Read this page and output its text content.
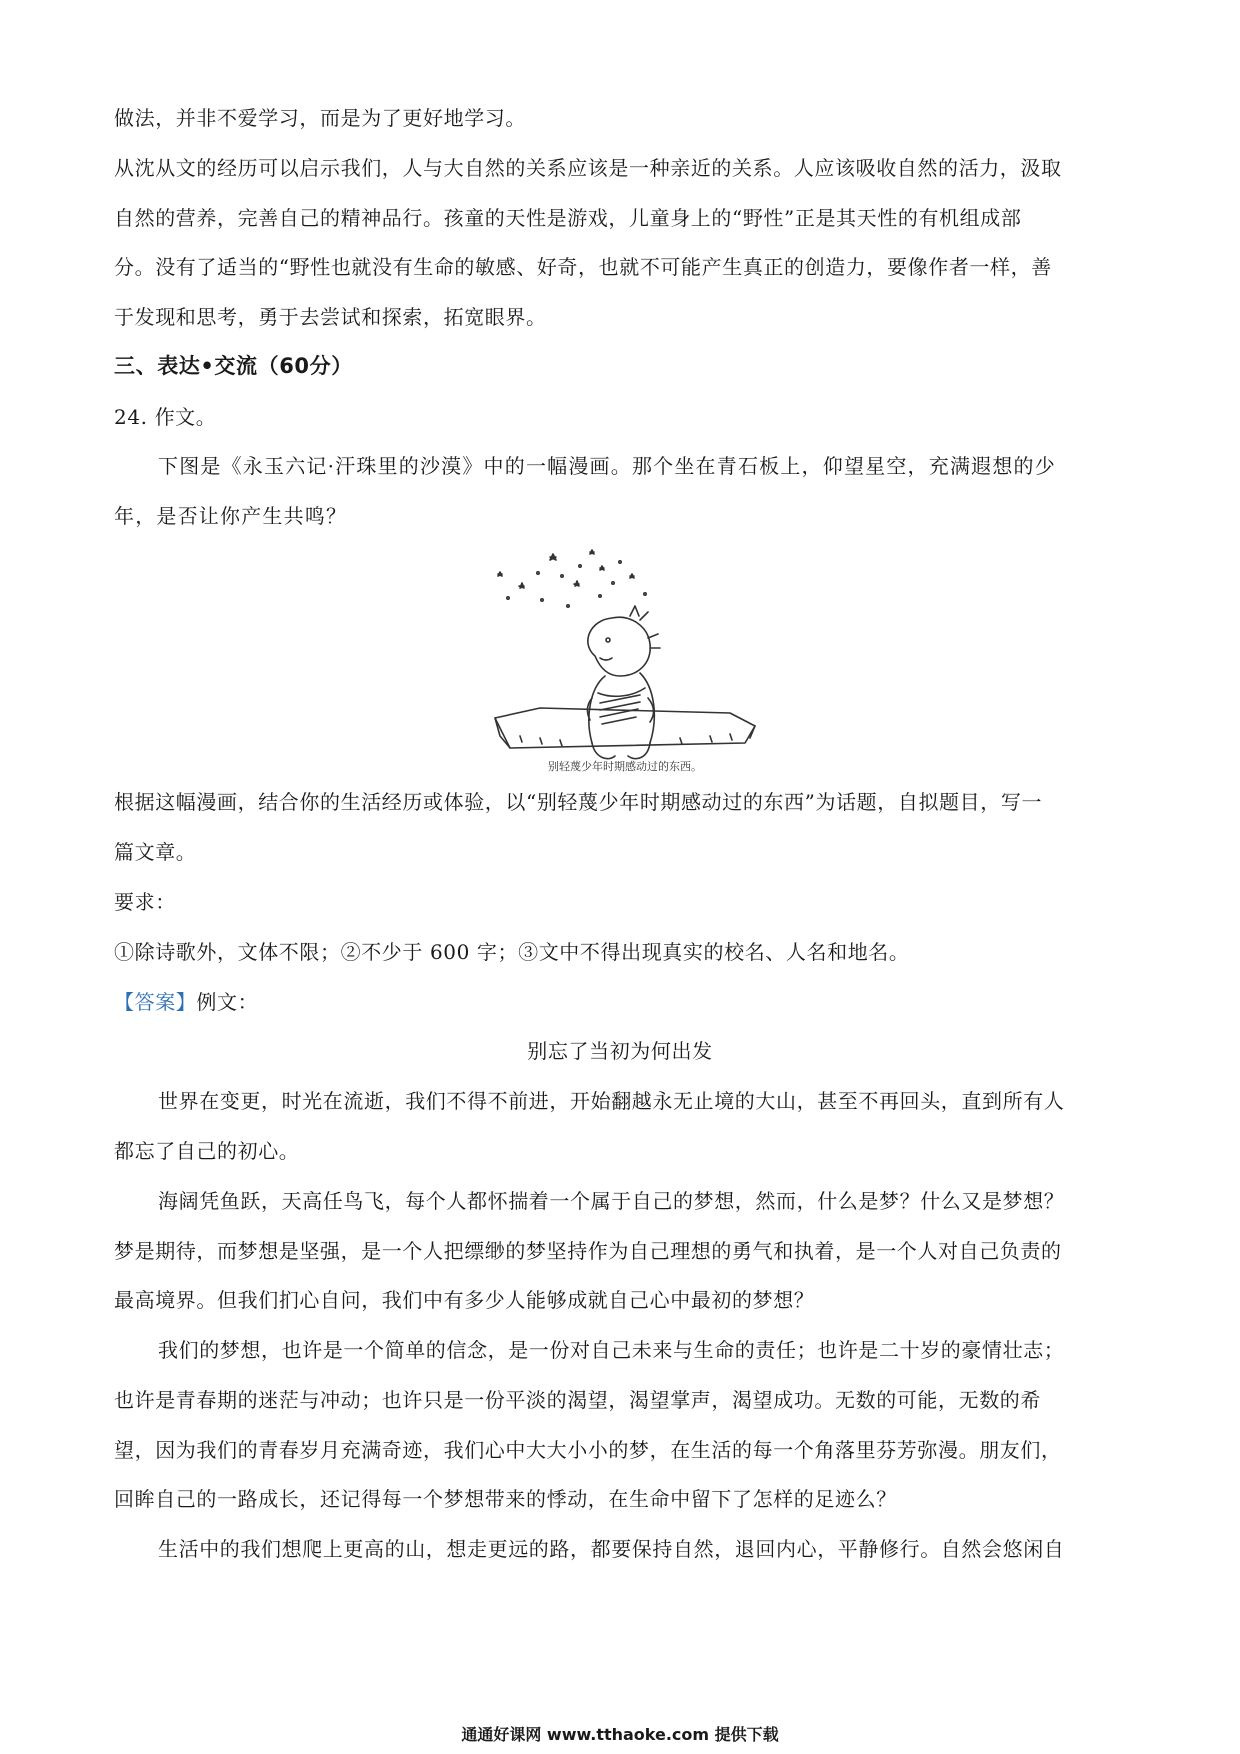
做法，并非不爱学习，而是为了更好地学习。
从沈从文的经历可以启示我们，人与大自然的关系应该是一种亲近的关系。人应该吸收自然的活力，汲取
自然的营养，完善自己的精神品行。孩童的天性是游戏，儿童身上的“野性”正是其天性的有机组成部
分。没有了适当的“野性也就没有生命的敏感、好奇，也就不可能产生真正的创造力，要像作者一样，善
于发现和思考，勇于去尝试和探索，拓宽眼界。
三、表达•交流（60分）
24. 作文。
下图是《永玉六记·汗珠里的沙漠》中的一幅漫画。那个坐在青石板上，仰望星空，充满遐想的少
年，是否让你产生共鸣？
别轻蔑少年时期感动过的东西。
根据这幅漫画，结合你的生活经历或体验，以“别轻蔑少年时期感动过的东西”为话题，自拟题目，写一
篇文章。
要求：
①除诗歌外，文体不限；②不少于 600 字；③文中不得出现真实的校名、人名和地名。
【答案】例文：
别忘了当初为何出发
世界在变更，时光在流逝，我们不得不前进，开始翻越永无止境的大山，甚至不再回头，直到所有人
都忘了自己的初心。
海阔凭鱼跃，天高任鸟飞，每个人都怀揣着一个属于自己的梦想，然而，什么是梦？什么又是梦想？
梦是期待，而梦想是坚强，是一个人把缥缈的梦坚持作为自己理想的勇气和执着，是一个人对自己负责的
最高境界。但我们扪心自问，我们中有多少人能够成就自己心中最初的梦想？
我们的梦想，也许是一个简单的信念，是一份对自己未来与生命的责任；也许是二十岁的豪情壮志；
也许是青春期的迷茫与冲动；也许只是一份平淡的渴望，渴望掌声，渴望成功。无数的可能，无数的希
望，因为我们的青春岁月充满奇迹，我们心中大大小小的梦，在生活的每一个角落里芬芳弥漫。朋友们，
回眸自己的一路成长，还记得每一个梦想带来的悸动，在生命中留下了怎样的足迹么？
生活中的我们想爬上更高的山，想走更远的路，都要保持自然，退回内心，平静修行。自然会悠闲自
通通好课网 www.tthaoke.com 提供下载
